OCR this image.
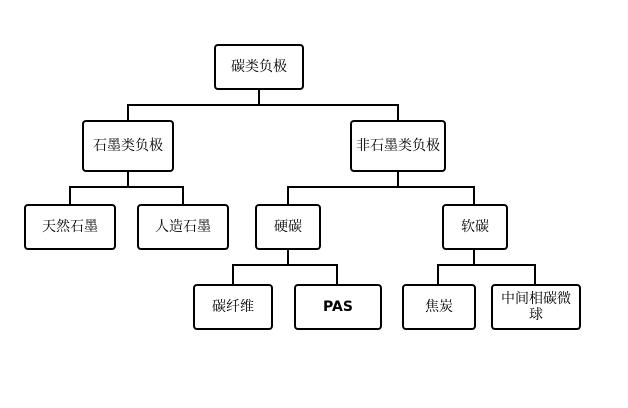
碳类负极
石墨类负极	非石墨类负极
天然石墨	人造石墨	硬碳	软碳
碳纤维	PAS	焦炭
中间相碳微球
